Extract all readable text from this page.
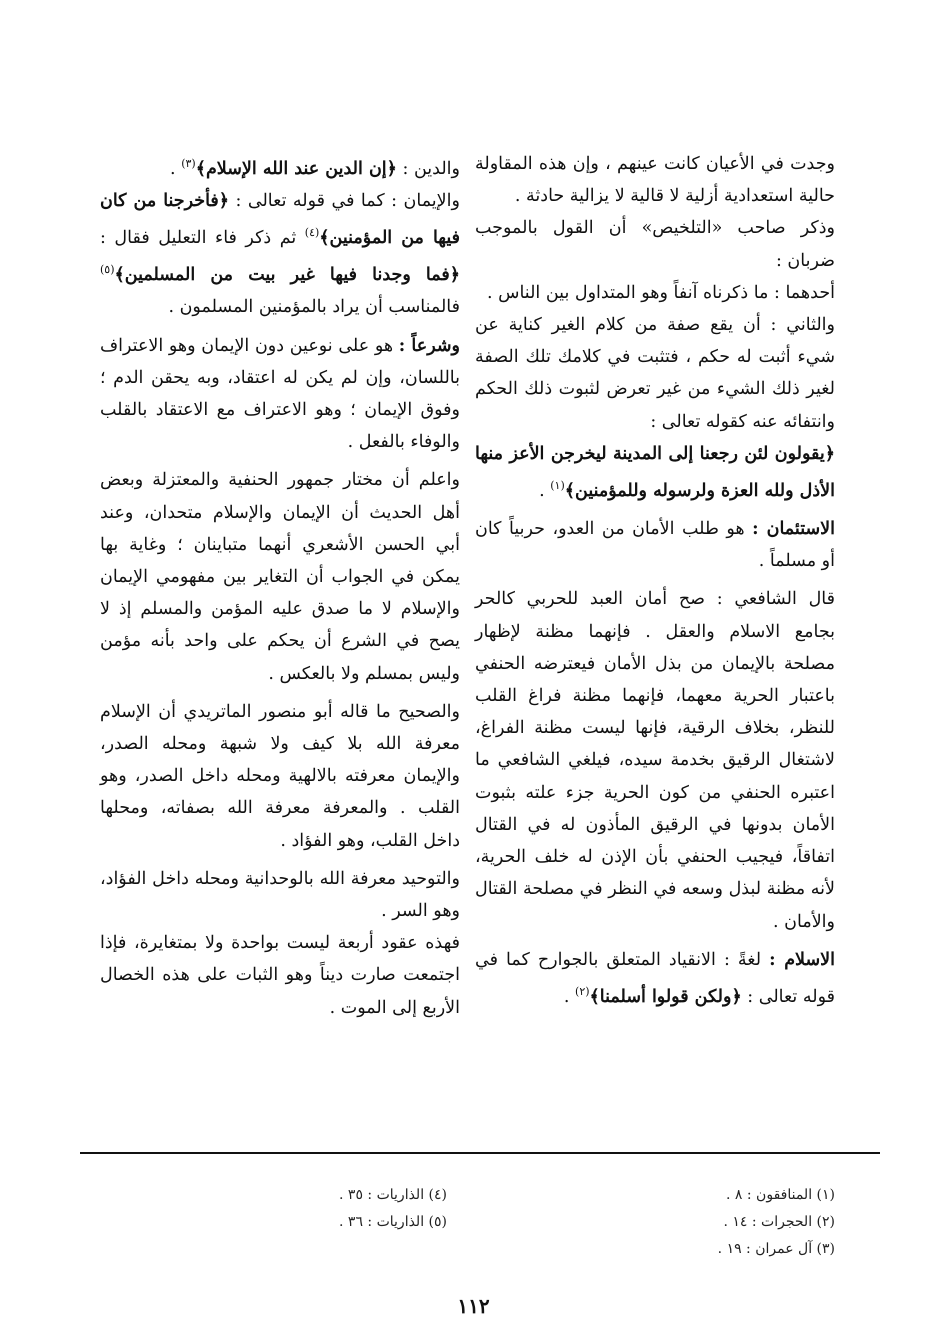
وجدت في الأعيان كانت عينهم ، وإن هذه المقاولة حالية استعدادية أزلية لا قالية لا يزالية حادثة .

وذكر صاحب «التلخيص» أن القول بالموجب ضربان :

أحدهما : ما ذكرناه آنفاً وهو المتداول بين الناس .

والثاني : أن يقع صفة من كلام الغير كناية عن شيء أثبت له حكم ، فتثبت في كلامك تلك الصفة لغير ذلك الشيء من غير تعرض لثبوت ذلك الحكم وانتفائه عنه كقوله تعالى :

﴿يقولون لئن رجعنا إلى المدينة ليخرجن الأعز منها الأذل ولله العزة ولرسوله وللمؤمنين﴾$^{(١)}$ .

الاستئمان : هو طلب الأمان من العدو، حربياً كان أو مسلماً .

قال الشافعي : صح أمان العبد للحربي كالحر بجامع الاسلام والعقل . فإنهما مظنة لإظهار مصلحة بالإيمان من بذل الأمان فيعترضه الحنفي باعتبار الحرية معهما، فإنهما مظنة فراغ القلب للنظر، بخلاف الرقية، فإنها ليست مظنة الفراغ، لاشتغال الرقيق بخدمة سيده، فيلغي الشافعي ما اعتبره الحنفي من كون الحرية جزء علته بثبوت الأمان بدونها في الرقيق المأذون له في القتال اتفاقاً، فيجيب الحنفي بأن الإذن له خلف الحرية، لأنه مظنة لبذل وسعه في النظر في مصلحة القتال والأمان .

الاسلام : لغةً : الانقياد المتعلق بالجوارح كما في قوله تعالى : ﴿ولكن قولوا أسلمنا﴾$^{(٢)}$ .

والدين : ﴿إن الدين عند الله الإسلام﴾$^{(٣)}$ .

والإيمان : كما في قوله تعالى : ﴿فأخرجنا من كان فيها من المؤمنين﴾$^{(٤)}$ ثم ذكر فاء التعليل فقال : ﴿فما وجدنا فيها غير بيت من المسلمين﴾$^{(٥)}$ فالمناسب أن يراد بالمؤمنين المسلمون .

وشرعاً : هو على نوعين دون الإيمان وهو الاعتراف باللسان، وإن لم يكن له اعتقاد، وبه يحقن الدم ؛ وفوق الإيمان ؛ وهو الاعتراف مع الاعتقاد بالقلب والوفاء بالفعل .

واعلم أن مختار جمهور الحنفية والمعتزلة وبعض أهل الحديث أن الإيمان والإسلام متحدان، وعند أبي الحسن الأشعري أنهما متباينان ؛ وغاية بها يمكن في الجواب أن التغاير بين مفهومي الإيمان والإسلام لا ما صدق عليه المؤمن والمسلم إذ لا يصح في الشرع أن يحكم على واحد بأنه مؤمن وليس بمسلم ولا بالعكس .

والصحيح ما قاله أبو منصور الماتريدي أن الإسلام معرفة الله بلا كيف ولا شبهة ومحله الصدر، والإيمان معرفته بالالهية ومحله داخل الصدر، وهو القلب . والمعرفة معرفة الله بصفاته، ومحلها داخل القلب، وهو الفؤاد .

والتوحيد معرفة الله بالوحدانية ومحله داخل الفؤاد، وهو السر .

فهذه عقود أربعة ليست بواحدة ولا بمتغايرة، فإذا اجتمعت صارت ديناً وهو الثبات على هذه الخصال الأربع إلى الموت .

(١) المنافقون : ٨ .
(٢) الحجرات : ١٤ .
(٣) آل عمران : ١٩ .
(٤) الذاريات : ٣٥ .
(٥) الذاريات : ٣٦ .
١١٢
